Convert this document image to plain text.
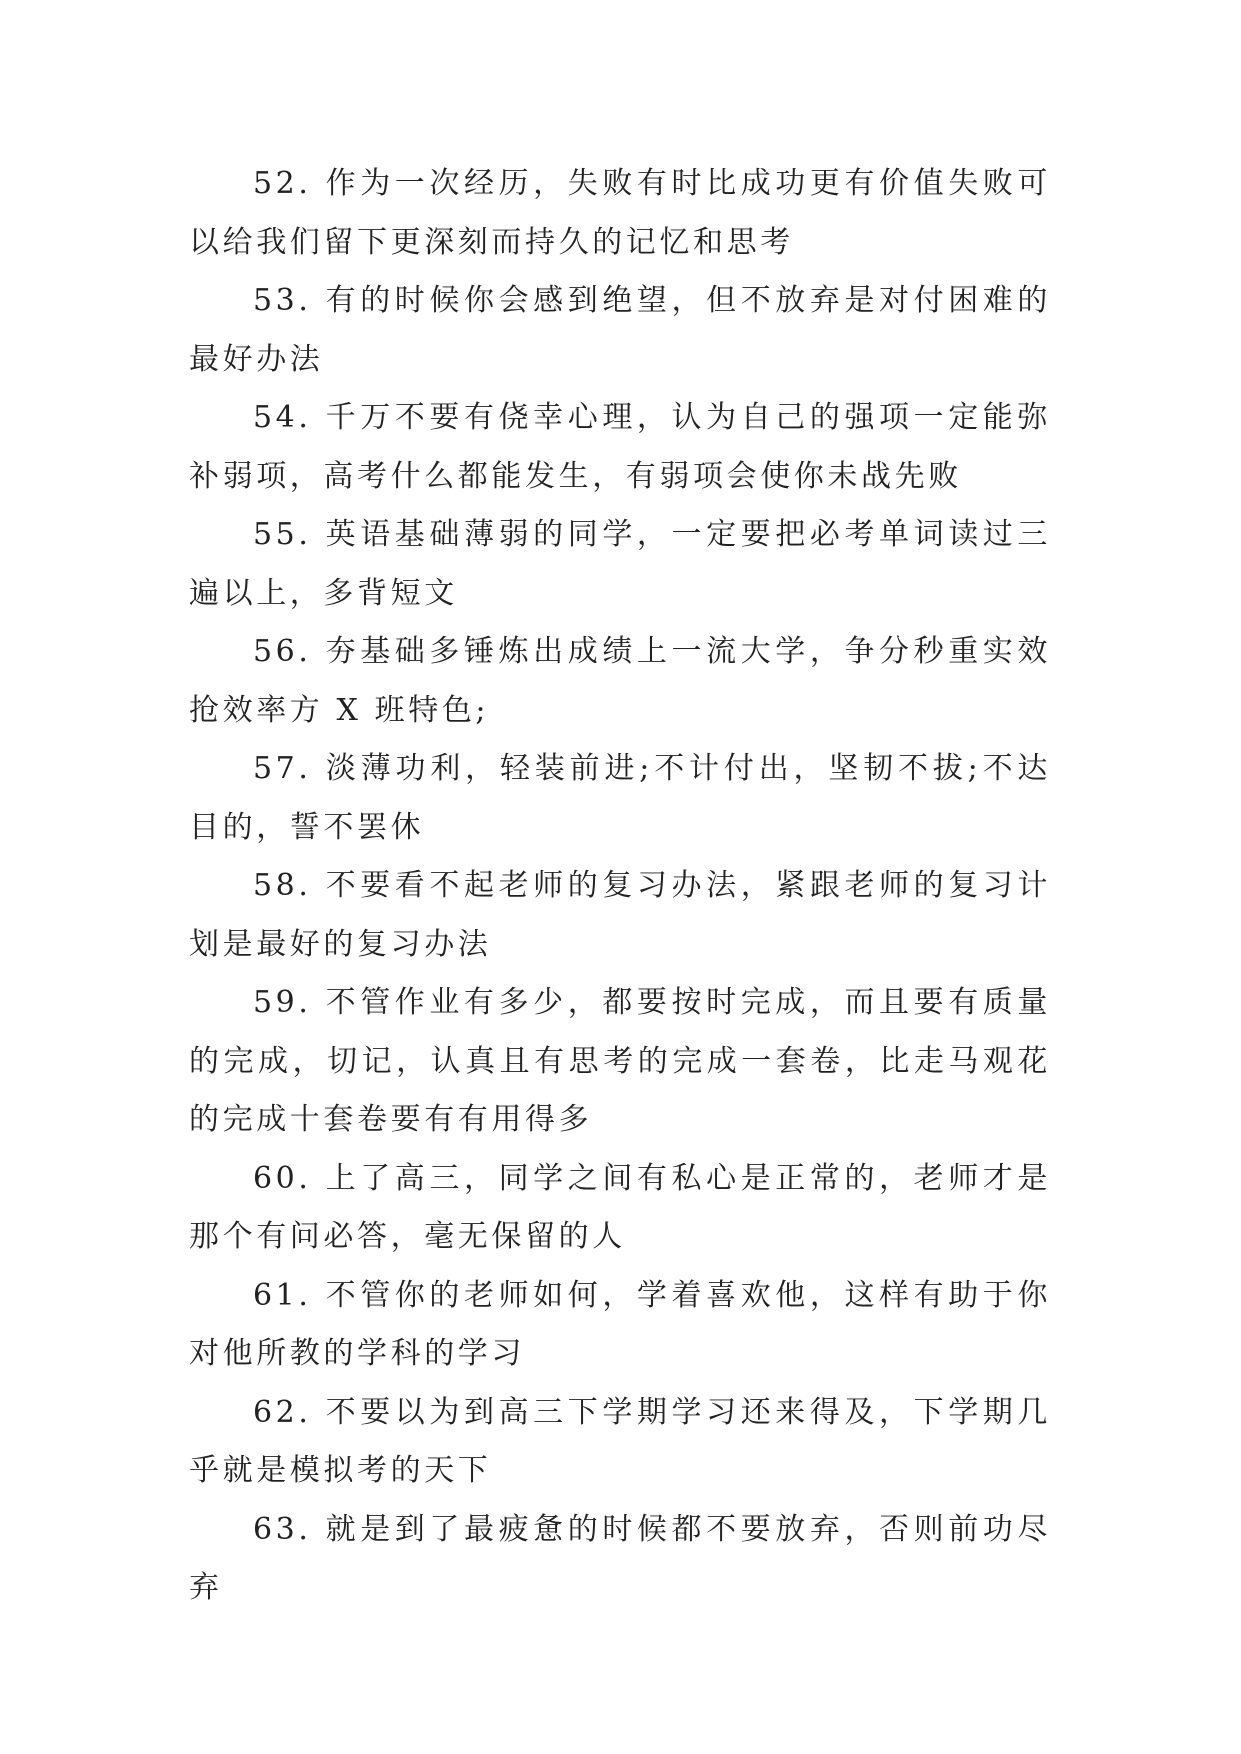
52. 作为一次经历，失败有时比成功更有价值失败可以给我们留下更深刻而持久的记忆和思考

53. 有的时候你会感到绝望，但不放弃是对付困难的最好办法

54. 千万不要有侥幸心理，认为自己的强项一定能弥补弱项，高考什么都能发生，有弱项会使你未战先败

55. 英语基础薄弱的同学，一定要把必考单词读过三遍以上，多背短文

56. 夯基础多锤炼出成绩上一流大学，争分秒重实效抢效率方 X 班特色;

57. 淡薄功利，轻装前进;不计付出，坚韧不拔;不达目的，誓不罢休

58. 不要看不起老师的复习办法，紧跟老师的复习计划是最好的复习办法

59. 不管作业有多少，都要按时完成，而且要有质量的完成，切记，认真且有思考的完成一套卷，比走马观花的完成十套卷要有有用得多

60. 上了高三，同学之间有私心是正常的，老师才是那个有问必答，毫无保留的人

61. 不管你的老师如何，学着喜欢他，这样有助于你对他所教的学科的学习

62. 不要以为到高三下学期学习还来得及，下学期几乎就是模拟考的天下

63. 就是到了最疲惫的时候都不要放弃，否则前功尽弃
